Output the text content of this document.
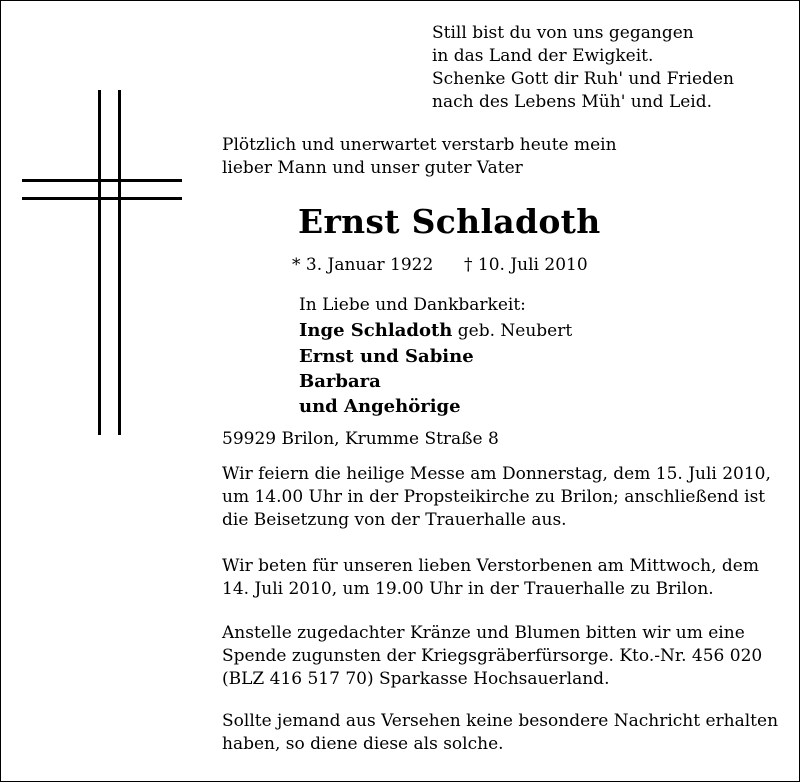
Still bist du von uns gegangen
in das Land der Ewigkeit.
Schenke Gott dir Ruh' und Frieden
nach des Lebens Müh' und Leid.
Plötzlich und unerwartet verstarb heute mein
lieber Mann und unser guter Vater
Ernst Schladoth
* 3. Januar 1922 † 10. Juli 2010
In Liebe und Dankbarkeit:
Inge Schladoth geb. Neubert
Ernst und Sabine
Barbara
und Angehörige
59929 Brilon, Krumme Straße 8
Wir feiern die heilige Messe am Donnerstag, dem 15. Juli 2010,
um 14.00 Uhr in der Propsteikirche zu Brilon; anschließend ist
die Beisetzung von der Trauerhalle aus.
Wir beten für unseren lieben Verstorbenen am Mittwoch, dem
14. Juli 2010, um 19.00 Uhr in der Trauerhalle zu Brilon.
Anstelle zugedachter Kränze und Blumen bitten wir um eine
Spende zugunsten der Kriegsgräberfürsorge. Kto.-Nr. 456 020
(BLZ 416 517 70) Sparkasse Hochsauerland.
Sollte jemand aus Versehen keine besondere Nachricht erhalten
haben, so diene diese als solche.
